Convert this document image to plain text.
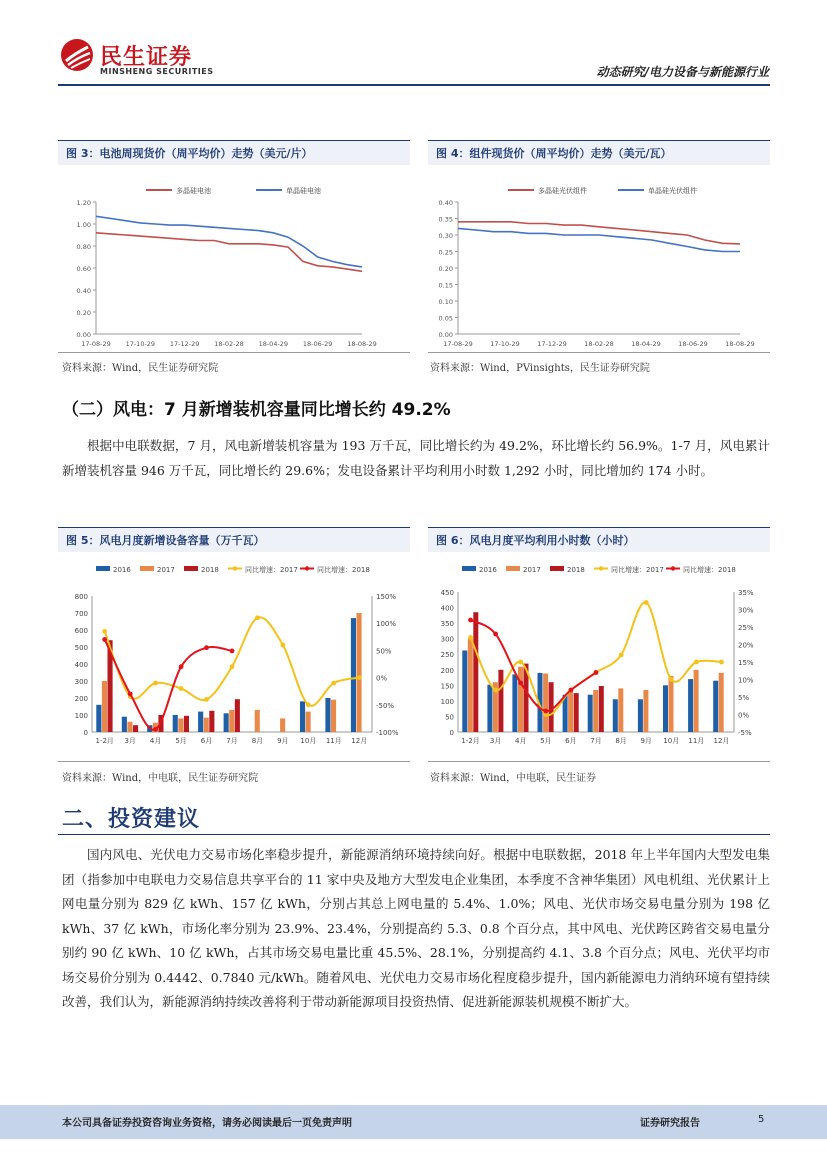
民生证券
MINSHENG SECURITIES	动态研究/电力设备与新能源行业
图 3：电池周现货价（周平均价）走势（美元/片）
0.00
0.20
0.40
0.60
0.80
1.00
1.20
17-08-29 17-10-29 17-12-29 18-02-28 18-04-29 18-06-29 18-08-29
多晶硅电池	单晶硅电池
资料来源：Wind，民生证券研究院
图 4：组件现货价（周平均价）走势（美元/瓦）
0.00
0.05
0.10
0.15
0.20
0.25
0.30
0.35
0.40
17-08-29	17-10-29	17-12-29	18-02-28	18-04-29	18-06-29	18-08-29
多晶硅光伏组件	单晶硅光伏组件
资料来源：Wind，PVinsights，民生证券研究院
（二）风电：7 月新增装机容量同比增长约 49.2%
根据中电联数据，7 月，风电新增装机容量为 193 万千瓦，同比增长约为 49.2%，环比增长约 56.9%。1-7 月，风电累计新增装机容量 946 万千瓦，同比增长约 29.6%；发电设备累计平均利用小时数 1,292 小时，同比增加约 174 小时。
图 5：风电月度新增设备容量（万千瓦）
0
100
200
300
400
500
600
700
800
-100%
-50%
0%
50%
100%
150%
1-2月 3月 4月 5月 6月 7月 8月 9月 10月 11月 12月
2016	2017	2018	同比增速：2017	同比增速：2018
资料来源：Wind，中电联，民生证券研究院
图 6：风电月度平均利用小时数（小时）
0
50
100
150
200
250
300
350
400
450
-5%
0%
5%
10%
15%
20%
25%
30%
35%
1-2月 3月 4月 5月 6月 7月 8月 9月 10月 11月 12月
2016	2017	2018	同比增速：2017	同比增速：2018
资料来源：Wind，中电联，民生证券
二、投资建议
国内风电、光伏电力交易市场化率稳步提升，新能源消纳环境持续向好。根据中电联数据，2018 年上半年国内大型发电集团（指参加中电联电力交易信息共享平台的 11 家中央及地方大型发电企业集团，本季度不含神华集团）风电机组、光伏累计上网电量分别为 829 亿 kWh、157 亿 kWh，分别占其总上网电量的 5.4%、1.0%；风电、光伏市场交易电量分别为 198 亿 kWh、37 亿 kWh，市场化率分别为 23.9%、23.4%，分别提高约 5.3、0.8 个百分点，其中风电、光伏跨区跨省交易电量分别约 90 亿 kWh、10 亿 kWh，占其市场交易电量比重 45.5%、28.1%，分别提高约 4.1、3.8 个百分点；风电、光伏平均市场交易价分别为 0.4442、0.7840 元/kWh。随着风电、光伏电力交易市场化程度稳步提升，国内新能源电力消纳环境有望持续改善，我们认为，新能源消纳持续改善将利于带动新能源项目投资热情、促进新能源装机规模不断扩大。
本公司具备证券投资咨询业务资格，请务必阅读最后一页免责声明	证券研究报告	5
